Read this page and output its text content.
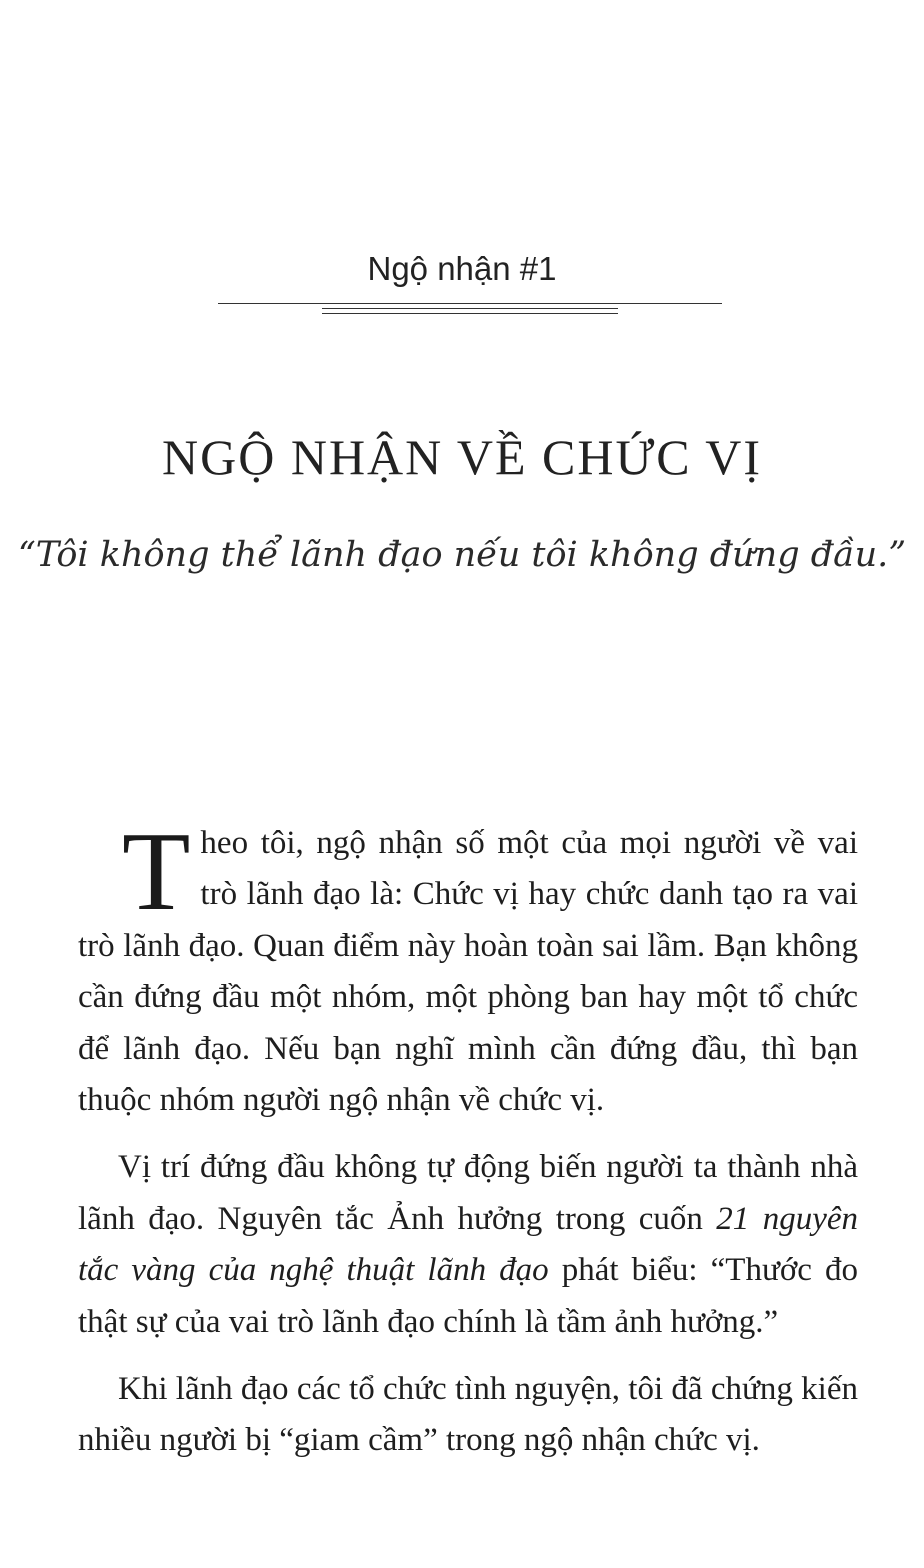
Ngộ nhận #1
NGỘ NHẬN VỀ CHỨC VỊ
“Tôi không thể lãnh đạo nếu tôi không đứng đầu.”

Theo tôi, ngộ nhận số một của mọi người về vai trò lãnh đạo là: Chức vị hay chức danh tạo ra vai trò lãnh đạo. Quan điểm này hoàn toàn sai lầm. Bạn không cần đứng đầu một nhóm, một phòng ban hay một tổ chức để lãnh đạo. Nếu bạn nghĩ mình cần đứng đầu, thì bạn thuộc nhóm người ngộ nhận về chức vị.

Vị trí đứng đầu không tự động biến người ta thành nhà lãnh đạo. Nguyên tắc Ảnh hưởng trong cuốn 21 nguyên tắc vàng của nghệ thuật lãnh đạo phát biểu: “Thước đo thật sự của vai trò lãnh đạo chính là tầm ảnh hưởng.”

Khi lãnh đạo các tổ chức tình nguyện, tôi đã chứng kiến nhiều người bị “giam cầm” trong ngộ nhận chức vị.
